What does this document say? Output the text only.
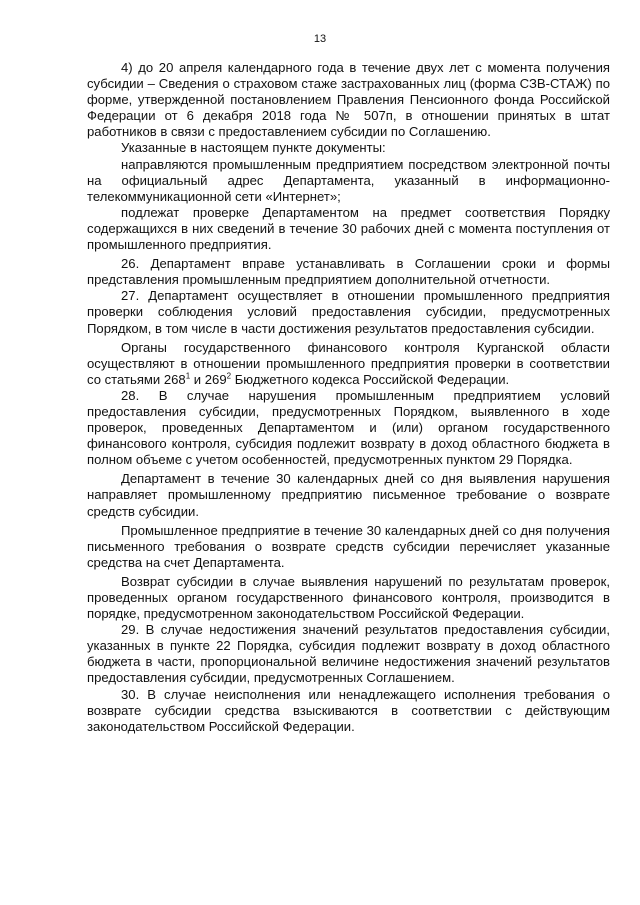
13

4) до 20 апреля календарного года в течение двух лет с момента получения субсидии – Сведения о страховом стаже застрахованных лиц (форма СЗВ-СТАЖ) по форме, утвержденной постановлением Правления Пенсионного фонда Российской Федерации от 6 декабря 2018 года № 507п, в отношении принятых в штат работников в связи с предоставлением субсидии по Соглашению.

Указанные в настоящем пункте документы:

направляются промышленным предприятием посредством электронной почты на официальный адрес Департамента, указанный в информационно-телекоммуникационной сети «Интернет»;

подлежат проверке Департаментом на предмет соответствия Порядку содержащихся в них сведений в течение 30 рабочих дней с момента поступления от промышленного предприятия.

26. Департамент вправе устанавливать в Соглашении сроки и формы представления промышленным предприятием дополнительной отчетности.

27. Департамент осуществляет в отношении промышленного предприятия проверки соблюдения условий предоставления субсидии, предусмотренных Порядком, в том числе в части достижения результатов предоставления субсидии.

Органы государственного финансового контроля Курганской области осуществляют в отношении промышленного предприятия проверки в соответствии со статьями $268^1$ и $269^2$ Бюджетного кодекса Российской Федерации.

28. В случае нарушения промышленным предприятием условий предоставления субсидии, предусмотренных Порядком, выявленного в ходе проверок, проведенных Департаментом и (или) органом государственного финансового контроля, субсидия подлежит возврату в доход областного бюджета в полном объеме с учетом особенностей, предусмотренных пунктом 29 Порядка.

Департамент в течение 30 календарных дней со дня выявления нарушения направляет промышленному предприятию письменное требование о возврате средств субсидии.

Промышленное предприятие в течение 30 календарных дней со дня получения письменного требования о возврате средств субсидии перечисляет указанные средства на счет Департамента.

Возврат субсидии в случае выявления нарушений по результатам проверок, проведенных органом государственного финансового контроля, производится в порядке, предусмотренном законодательством Российской Федерации.

29. В случае недостижения значений результатов предоставления субсидии, указанных в пункте 22 Порядка, субсидия подлежит возврату в доход областного бюджета в части, пропорциональной величине недостижения значений результатов предоставления субсидии, предусмотренных Соглашением.

30. В случае неисполнения или ненадлежащего исполнения требования о возврате субсидии средства взыскиваются в соответствии с действующим законодательством Российской Федерации.
